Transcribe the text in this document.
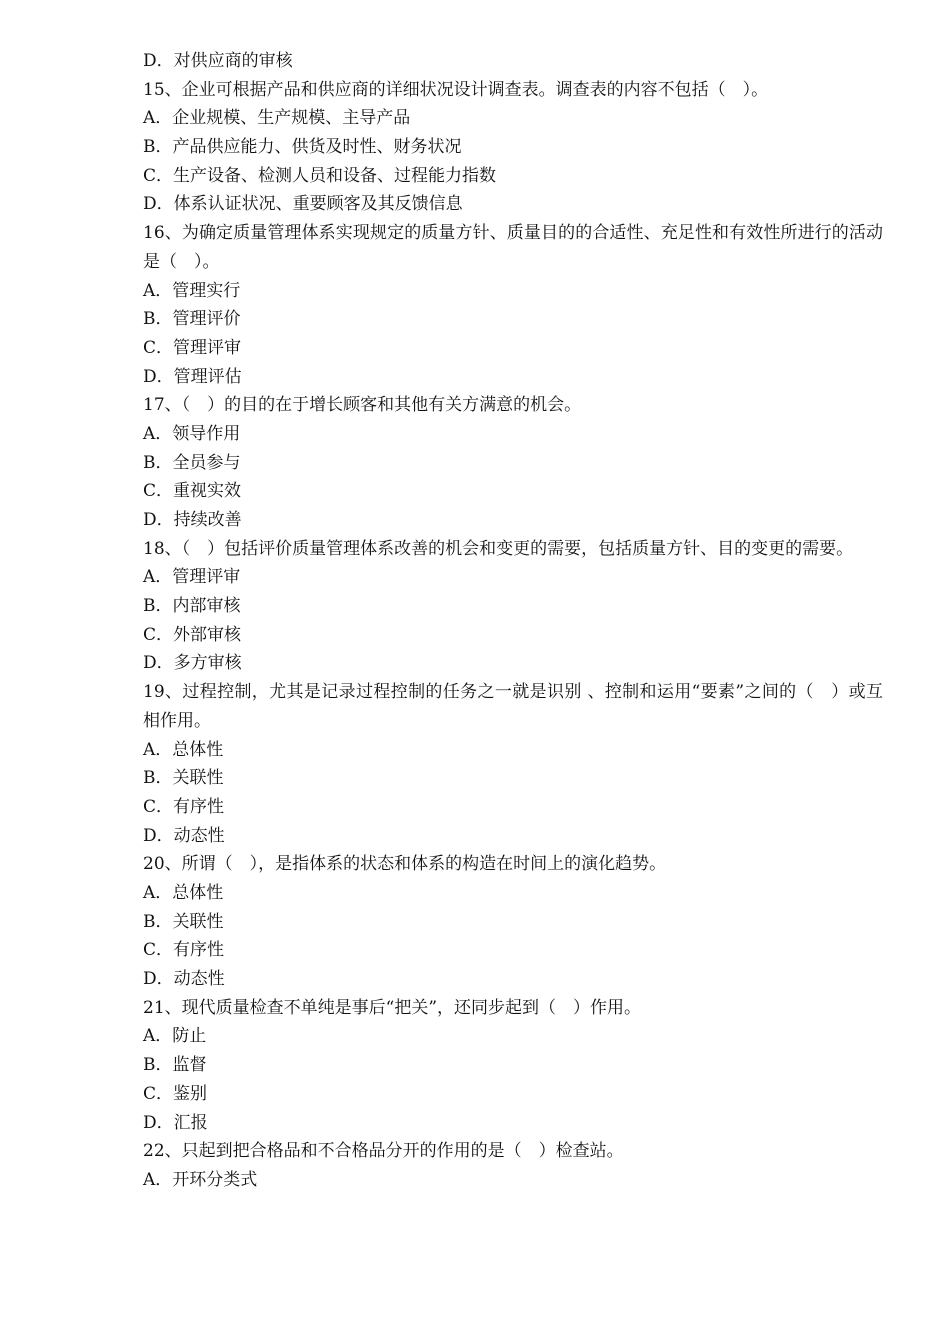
D．对供应商的审核
15、企业可根据产品和供应商的详细状况设计调查表。调查表的内容不包括（　）。
A．企业规模、生产规模、主导产品
B．产品供应能力、供货及时性、财务状况
C．生产设备、检测人员和设备、过程能力指数
D．体系认证状况、重要顾客及其反馈信息
16、为确定质量管理体系实现规定的质量方针、质量目的的合适性、充足性和有效性所进行的活动是（　）。
A．管理实行
B．管理评价
C．管理评审
D．管理评估
17、（　）的目的在于增长顾客和其他有关方满意的机会。
A．领导作用
B．全员参与
C．重视实效
D．持续改善
18、（　）包括评价质量管理体系改善的机会和变更的需要，包括质量方针、目的变更的需要。
A．管理评审
B．内部审核
C．外部审核
D．多方审核
19、过程控制，尤其是记录过程控制的任务之一就是识别 、控制和运用“要素”之间的（　）或互相作用。
A．总体性
B．关联性
C．有序性
D．动态性
20、所谓（　），是指体系的状态和体系的构造在时间上的演化趋势。
A．总体性
B．关联性
C．有序性
D．动态性
21、现代质量检查不单纯是事后“把关”，还同步起到（　）作用。
A．防止
B．监督
C．鉴别
D．汇报
22、只起到把合格品和不合格品分开的作用的是（　）检查站。
A．开环分类式
